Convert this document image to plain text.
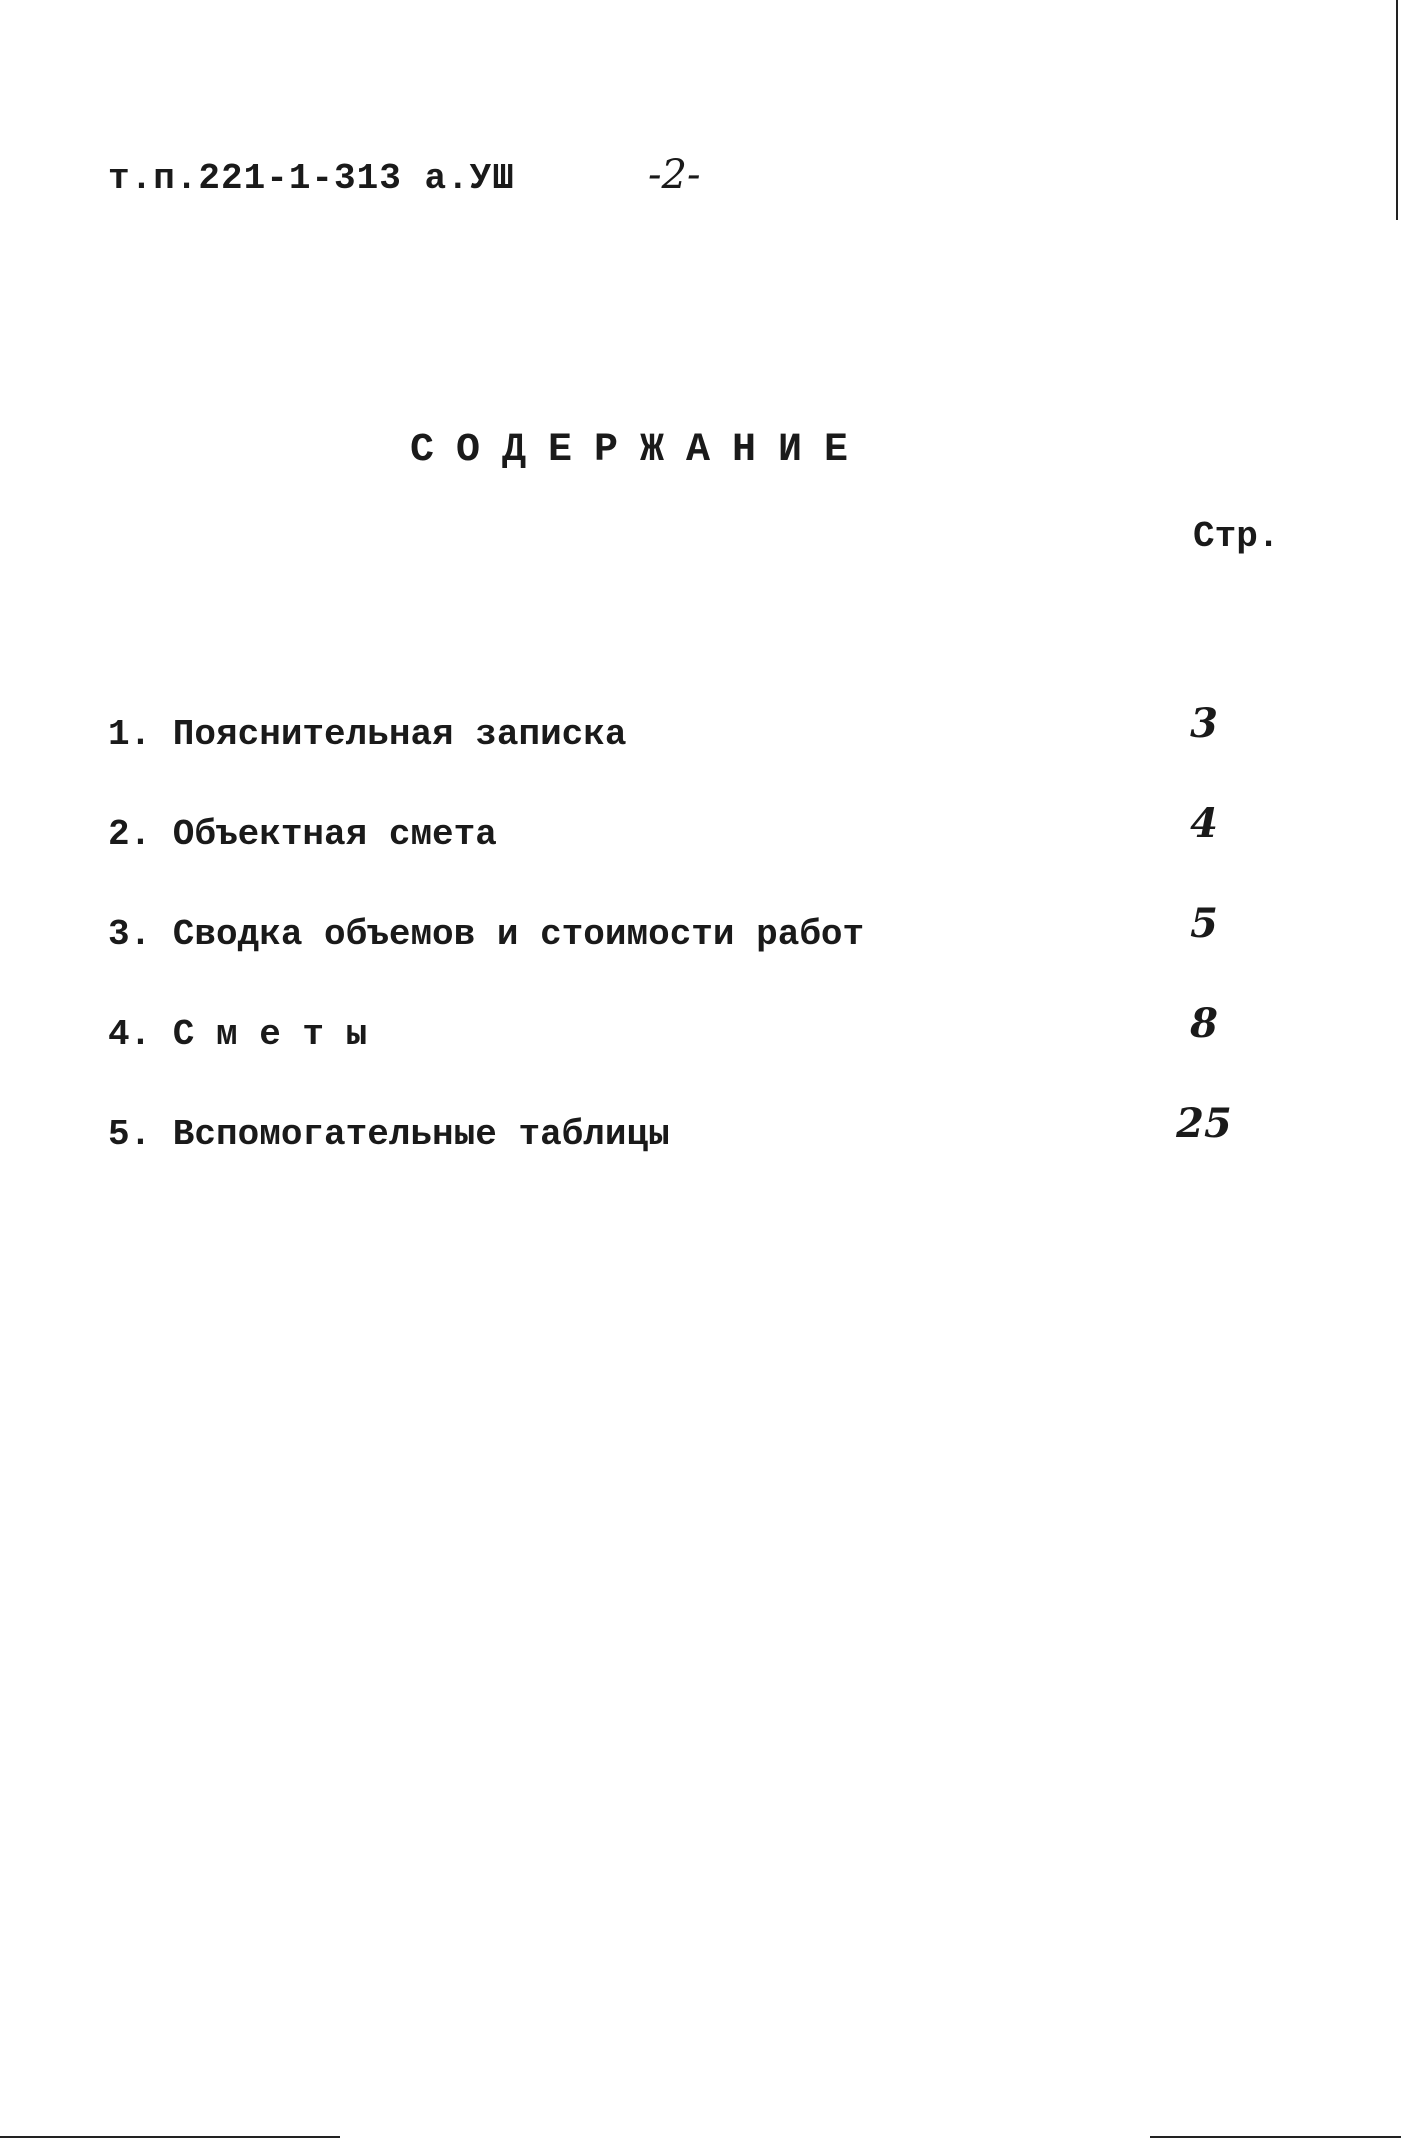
т.п.221-1-313 а.УШ	-2-
СОДЕРЖАНИЕ
Стр.
1. Пояснительная записка	3
2. Объектная смета	4
3. Сводка объемов и стоимости работ	5
4. С м е т ы	8
5. Вспомогательные таблицы	25
